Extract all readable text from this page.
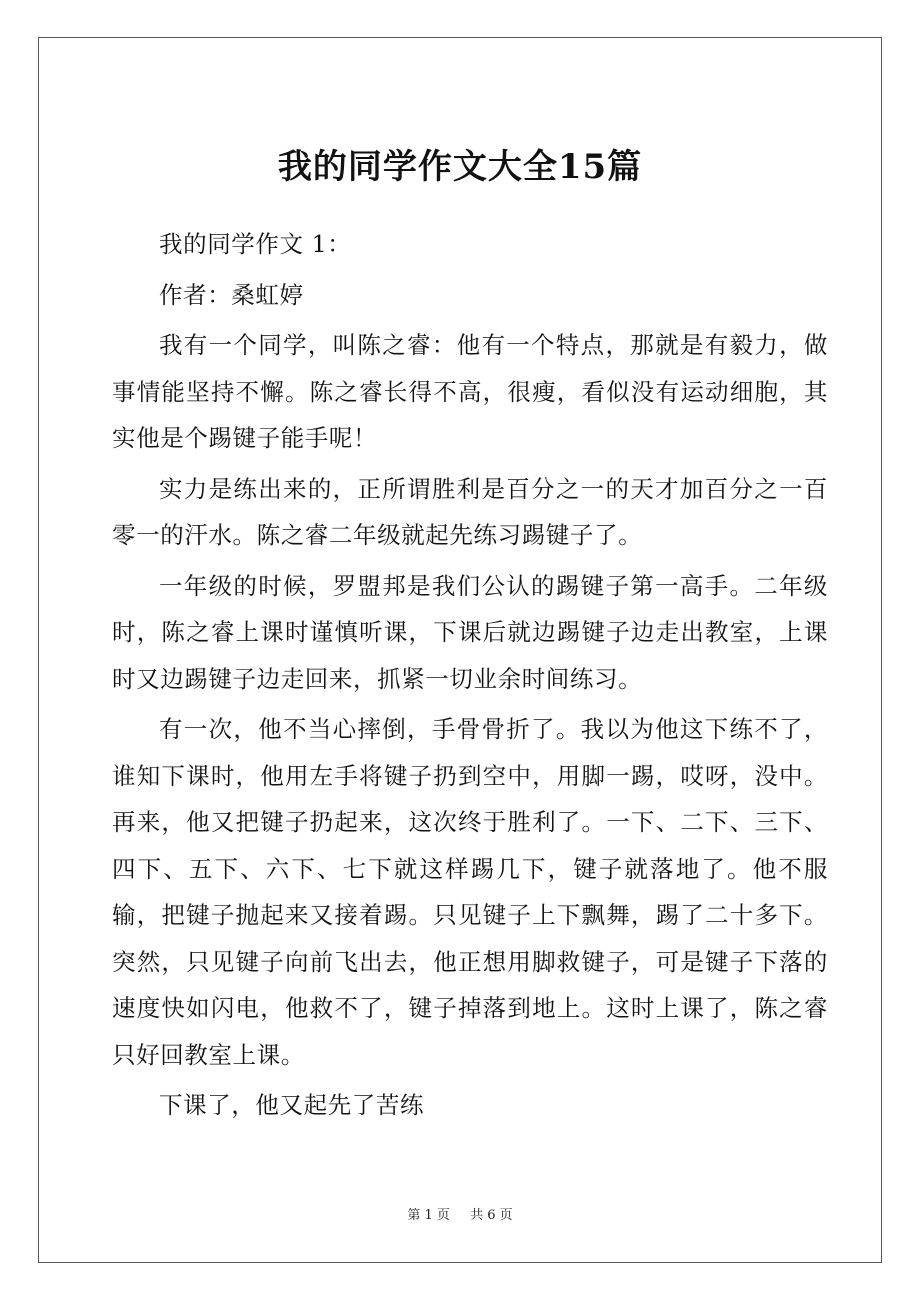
我的同学作文大全15篇

我的同学作文 1：

作者：桑虹婷

我有一个同学，叫陈之睿：他有一个特点，那就是有毅力，做事情能坚持不懈。陈之睿长得不高，很瘦，看似没有运动细胞，其实他是个踢键子能手呢！

实力是练出来的，正所谓胜利是百分之一的天才加百分之一百零一的汗水。陈之睿二年级就起先练习踢键子了。

一年级的时候，罗盟邦是我们公认的踢键子第一高手。二年级时，陈之睿上课时谨慎听课，下课后就边踢键子边走出教室，上课时又边踢键子边走回来，抓紧一切业余时间练习。

有一次，他不当心摔倒，手骨骨折了。我以为他这下练不了，谁知下课时，他用左手将键子扔到空中，用脚一踢，哎呀，没中。再来，他又把键子扔起来，这次终于胜利了。一下、二下、三下、四下、五下、六下、七下就这样踢几下，键子就落地了。他不服输，把键子抛起来又接着踢。只见键子上下飘舞，踢了二十多下。突然，只见键子向前飞出去，他正想用脚救键子，可是键子下落的速度快如闪电，他救不了，键子掉落到地上。这时上课了，陈之睿只好回教室上课。

下课了，他又起先了苦练

第 1 页 共 6 页
